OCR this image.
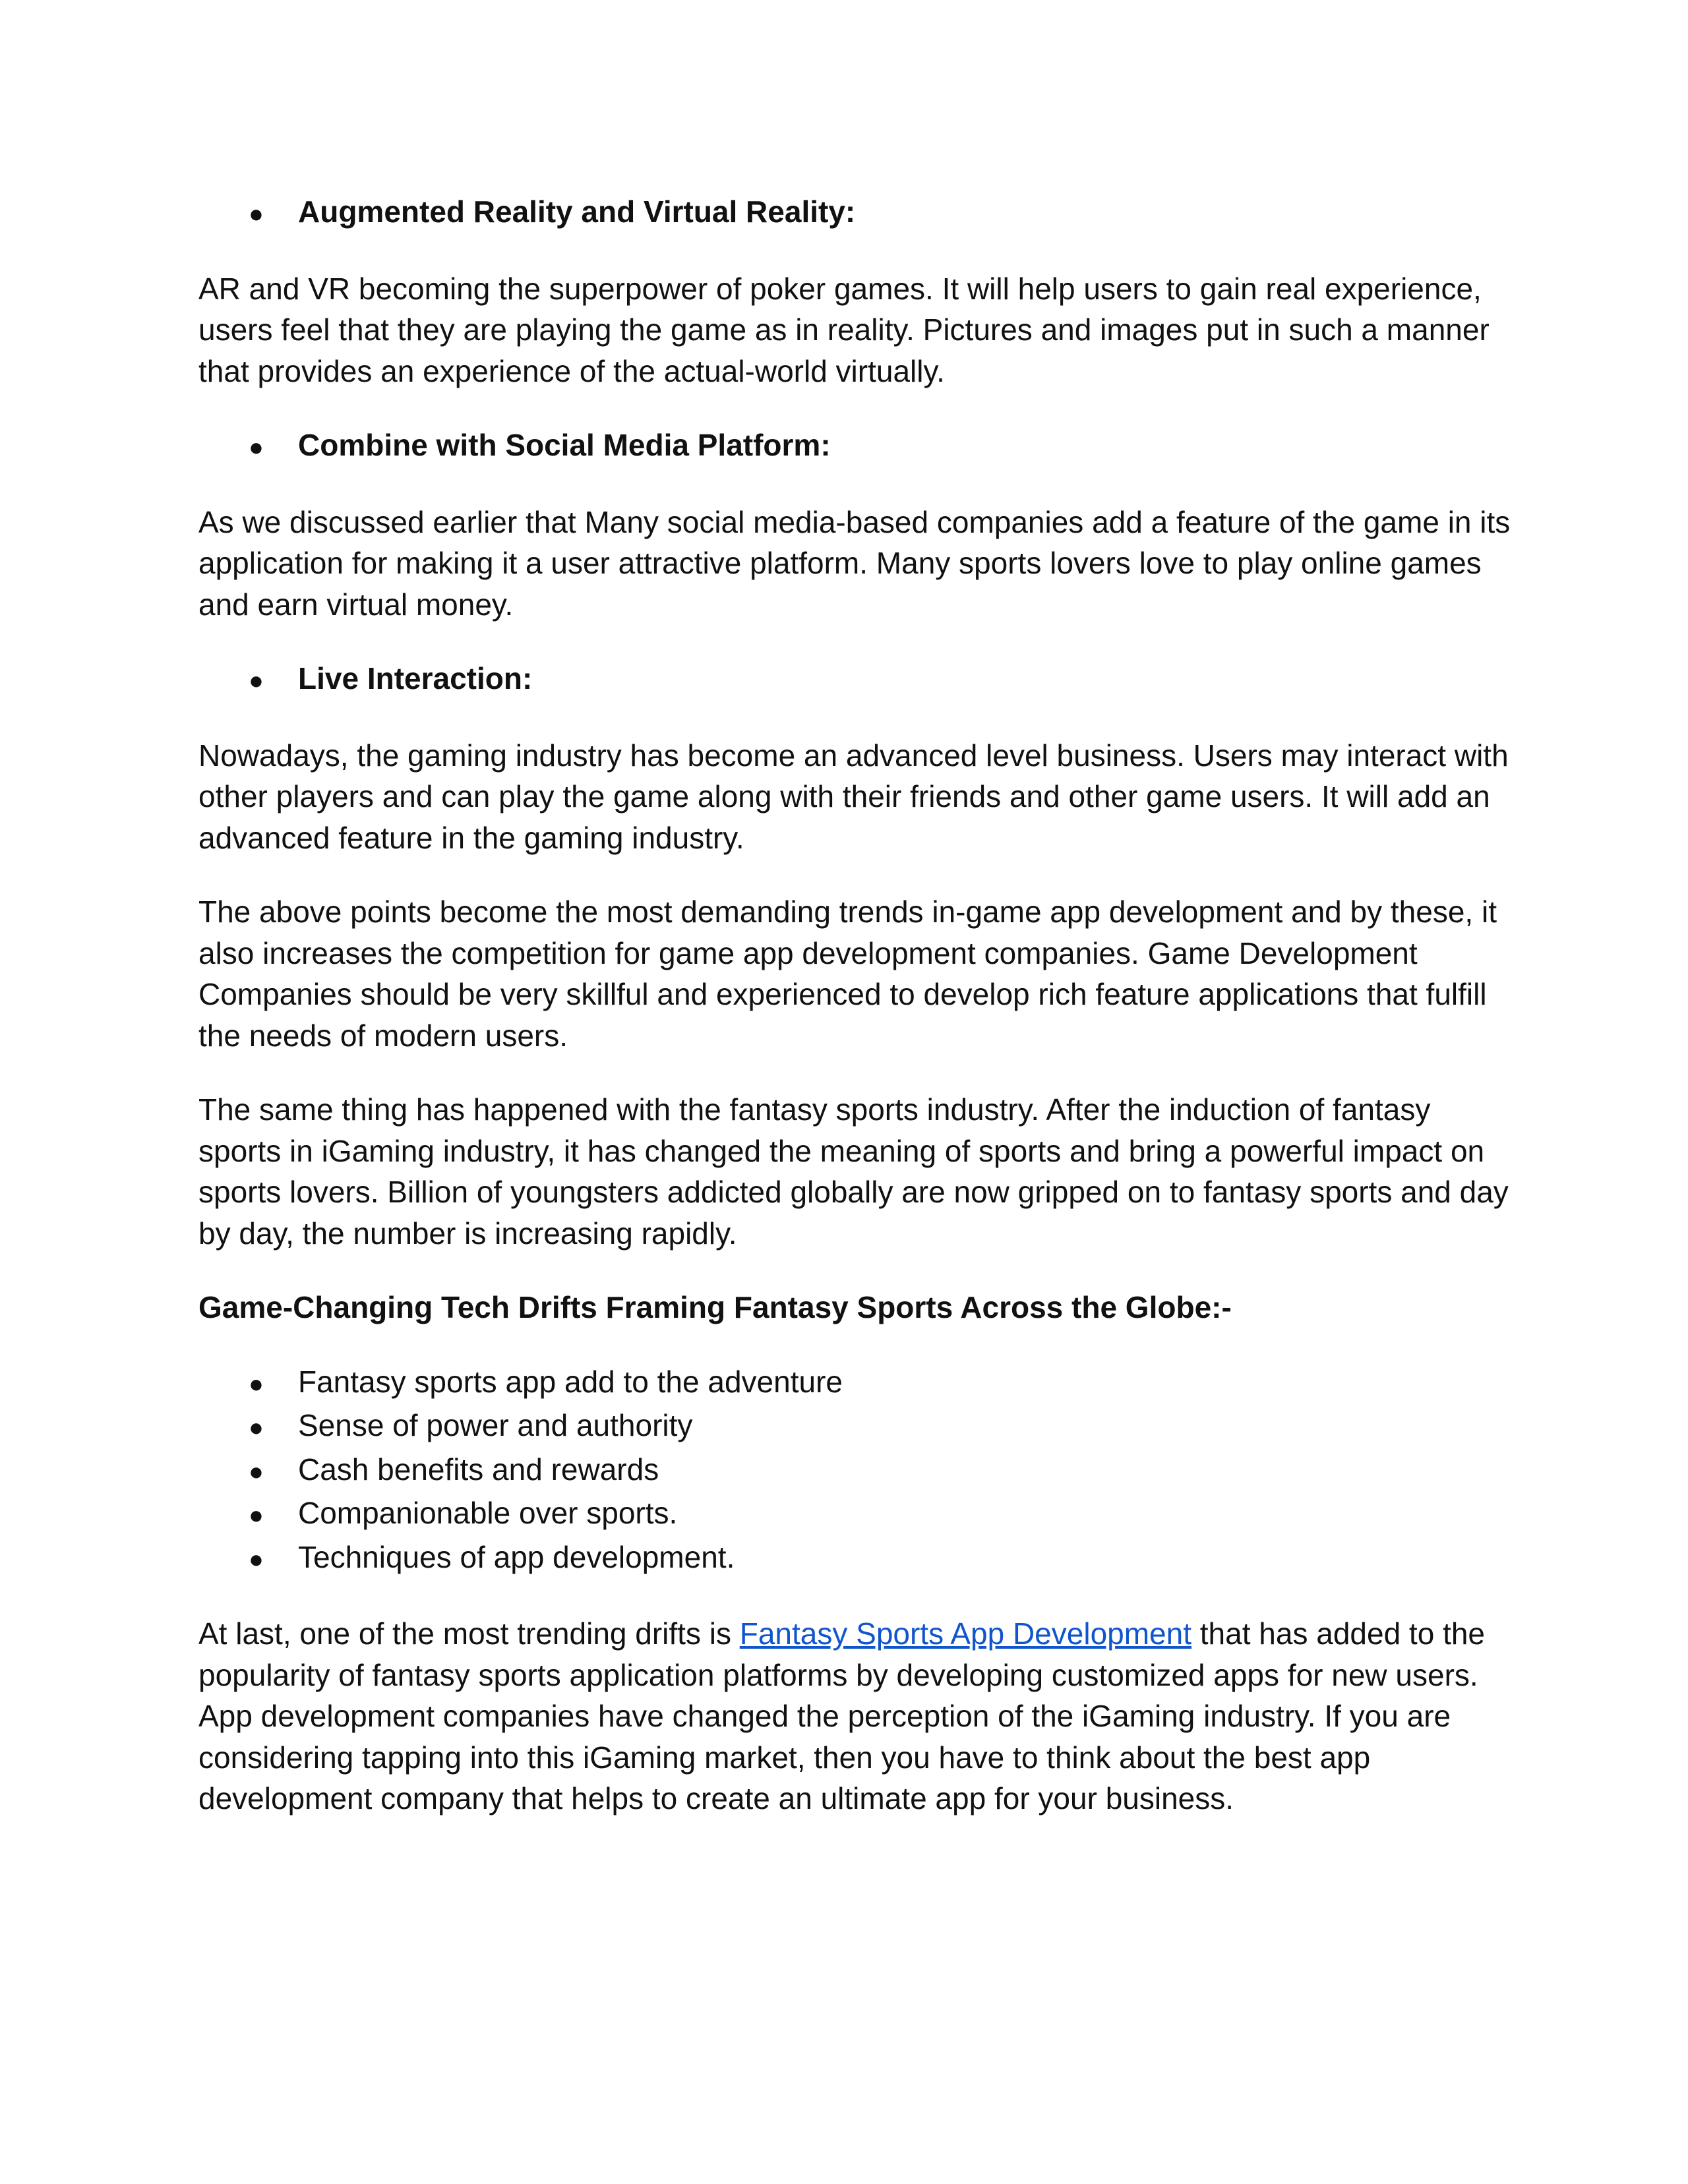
●	Augmented Reality and Virtual Reality:

AR and VR becoming the superpower of poker games. It will help users to gain real experience, users feel that they are playing the game as in reality. Pictures and images put in such a manner that provides an experience of the actual-world virtually.

●	Combine with Social Media Platform:

As we discussed earlier that Many social media-based companies add a feature of the game in its application for making it a user attractive platform. Many sports lovers love to play online games and earn virtual money.

●	Live Interaction:

Nowadays, the gaming industry has become an advanced level business. Users may interact with other players and can play the game along with their friends and other game users. It will add an advanced feature in the gaming industry.

The above points become the most demanding trends in-game app development and by these, it also increases the competition for game app development companies. Game Development Companies should be very skillful and experienced to develop rich feature applications that fulfill the needs of modern users.

The same thing has happened with the fantasy sports industry. After the induction of fantasy sports in iGaming industry, it has changed the meaning of sports and bring a powerful impact on sports lovers. Billion of youngsters addicted globally are now gripped on to fantasy sports and day by day, the number is increasing rapidly.

Game-Changing Tech Drifts Framing Fantasy Sports Across the Globe:-
●	Fantasy sports app add to the adventure
●	Sense of power and authority
●	Cash benefits and rewards
●	Companionable over sports.
●	Techniques of app development.

At last, one of the most trending drifts is Fantasy Sports App Development that has added to the popularity of fantasy sports application platforms by developing customized apps for new users. App development companies have changed the perception of the iGaming industry. If you are considering tapping into this iGaming market, then you have to think about the best app development company that helps to create an ultimate app for your business.
